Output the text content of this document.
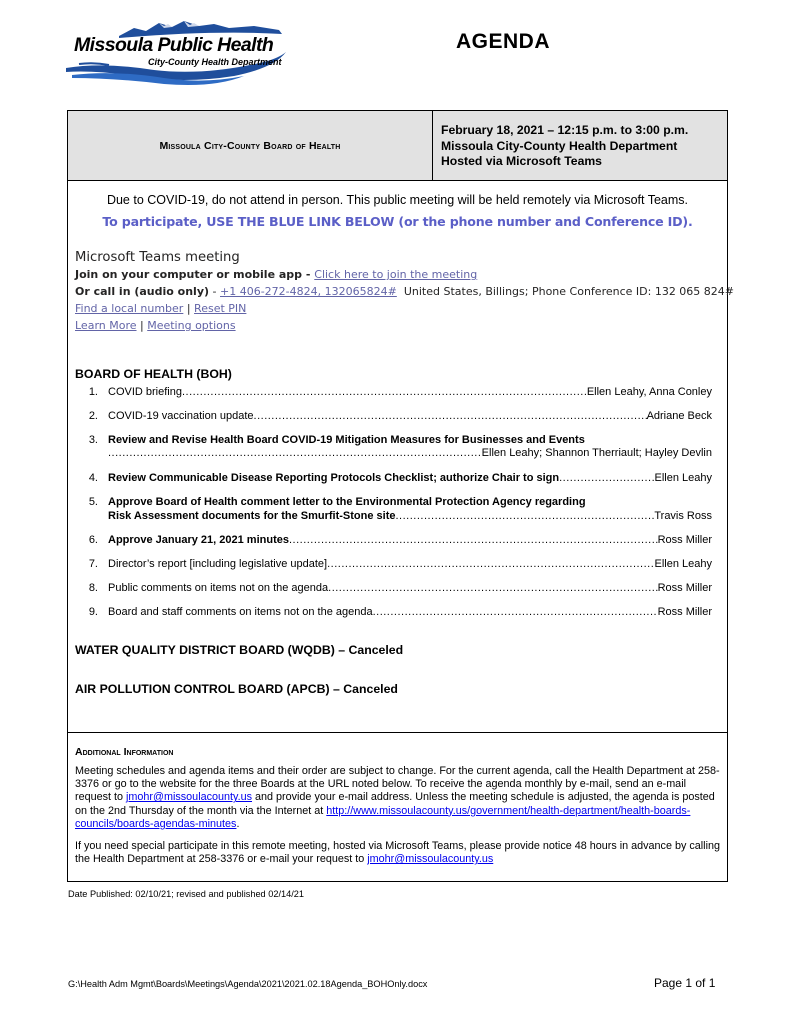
Missoula Public Health
City-County Health Department
AGENDA
Missoula City-County Board of Health
February 18, 2021 – 12:15 p.m. to 3:00 p.m.
Missoula City-County Health Department
Hosted via Microsoft Teams
Due to COVID-19, do not attend in person. This public meeting will be held remotely via Microsoft Teams.
To participate, USE THE BLUE LINK BELOW (or the phone number and Conference ID).
Microsoft Teams meeting
Join on your computer or mobile app - Click here to join the meeting
Or call in (audio only) - +1 406-272-4824, 132065824#  United States, Billings; Phone Conference ID: 132 065 824#
Find a local number | Reset PIN
Learn More | Meeting options
BOARD OF HEALTH (BOH)
1. COVID briefing .....	Ellen Leahy, Anna Conley
2. COVID-19 vaccination update .....	Adriane Beck
3. Review and Revise Health Board COVID-19 Mitigation Measures for Businesses and Events
.....
Ellen Leahy; Shannon Therriault; Hayley Devlin
4. Review Communicable Disease Reporting Protocols Checklist; authorize Chair to sign .....	Ellen Leahy
5. Approve Board of Health comment letter to the Environmental Protection Agency regarding
Risk Assessment documents for the Smurfit-Stone site .....	Travis Ross
6. Approve January 21, 2021 minutes .....	Ross Miller
7. Director’s report [including legislative update] .....	Ellen Leahy
8. Public comments on items not on the agenda .....	Ross Miller
9. Board and staff comments on items not on the agenda .....	Ross Miller
WATER QUALITY DISTRICT BOARD (WQDB) – Canceled
AIR POLLUTION CONTROL BOARD (APCB) – Canceled
Additional Information
Meeting schedules and agenda items and their order are subject to change. For the current agenda, call the Health Department at 258-3376 or go to the website for the three Boards at the URL noted below. To receive the agenda monthly by e-mail, send an e-mail request to jmohr@missoulacounty.us and provide your e-mail address. Unless the meeting schedule is adjusted, the agenda is posted on the 2nd Thursday of the month via the Internet at http://www.missoulacounty.us/government/health-department/health-boards-councils/boards-agendas-minutes.
If you need special participate in this remote meeting, hosted via Microsoft Teams, please provide notice 48 hours in advance by calling the Health Department at 258-3376 or e-mail your request to jmohr@missoulacounty.us
Date Published: 02/10/21; revised and published 02/14/21
G:\Health Adm Mgmt\Boards\Meetings\Agenda\2021\2021.02.18Agenda_BOHOnly.docx	Page 1 of 1
